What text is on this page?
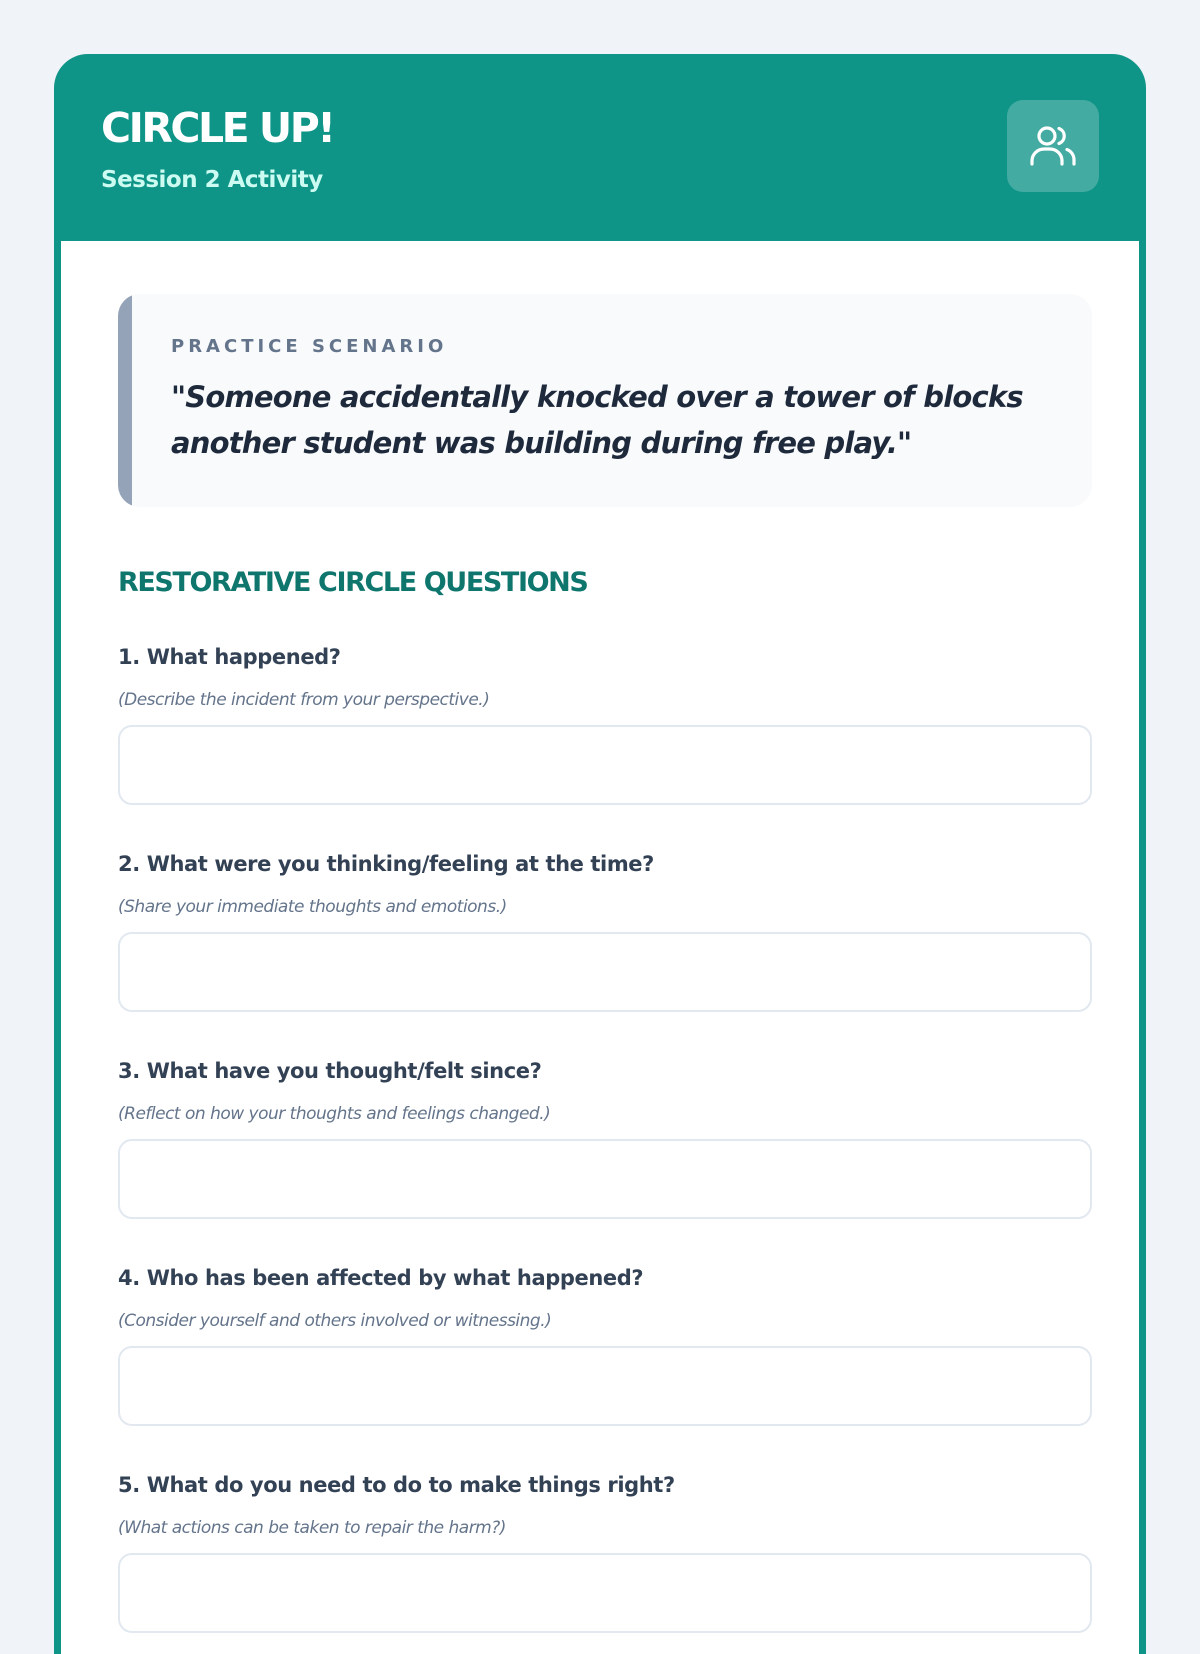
CIRCLE UP!
Session 2 Activity
PRACTICE SCENARIO

"Someone accidentally knocked over a tower of blocks another student was building during free play."

RESTORATIVE CIRCLE QUESTIONS
1. What happened?
(Describe the incident from your perspective.)
2. What were you thinking/feeling at the time?
(Share your immediate thoughts and emotions.)
3. What have you thought/felt since?
(Reflect on how your thoughts and feelings changed.)
4. Who has been affected by what happened?
(Consider yourself and others involved or witnessing.)
5. What do you need to do to make things right?
(What actions can be taken to repair the harm?)
